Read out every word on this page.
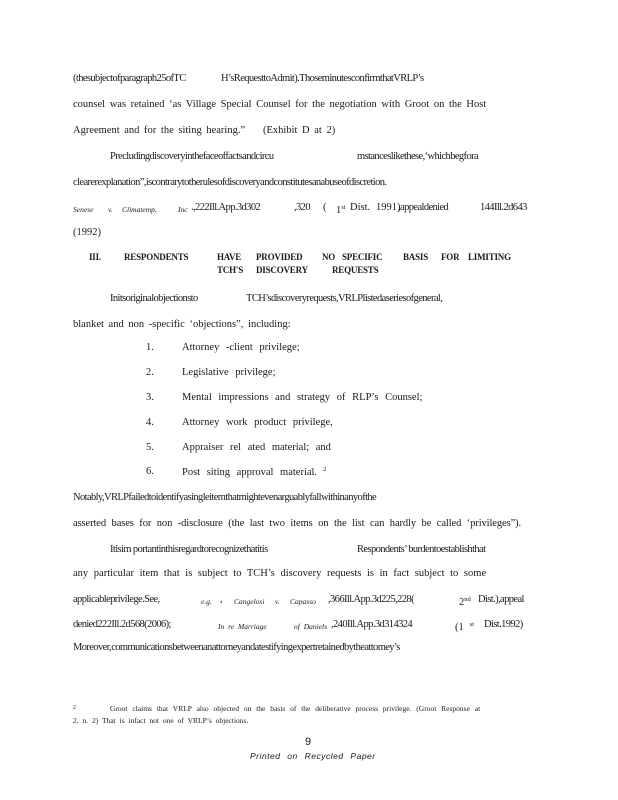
(thesubjectofparagraph25ofTC	H’sRequesttoAdmit).ThoseminutesconfirmthatVRLP’s
counsel was retained ‘as Village Special Counsel for the negotiation with Groot on the Host
Agreement and for the siting hearing.” (Exhibit D at 2)
Precludingdiscoveryinthefaceoffactsandcircu	mstanceslikethese,‘whichbegfora
clearerexplanation”,iscontrarytotherulesofdiscoveryandconstitutesanabuseofdiscretion.
Senese v. Climatemp,	Inc .,222Ill.App.3d302	,320 ( 1st Dist. 1991)
,appealdenied	144Ill.2d643
(1992)
III.	RESPONDENTS	HAVE
TCH'S
PROVIDED
DISCOVERY
NO SPECIFIC
REQUESTS
BASIS FOR LIMITING
Initsoriginalobjectionsto	TCH’sdiscoveryrequests,VRLPlistedaseriesofgeneral,
blanket and non -specific ‘objections”, including:
1.	Attorney -client privilege;
2.	Legislative privilege;
3.	Mental impressions and strategy of RLP’s Counsel;
4.	Attorney work product privilege,
5.	Appraiser rel ated material; and
6.	Post siting approval material. $^2$
Notably,VRLPfailedtoidentifyasingleitemthatmightevenarguablyfallwithinanyofthe
asserted bases for non -disclosure (the last two items on the list can hardly be called ‘privileges”).
Itisim portantinthisregardtorecognizethatitis	Respondents’ burdentoestablishthat
any particular item that is subject to TCH’s discovery requests is in fact subject to some
applicableprivilege.See,	e.g. , Cangelosi v. Capasso ,366Ill.App.3d225,228(	2nd Dist.),appeal
denied222Ill.2d568(2006);	In re Marriage	of Daniels ,240Ill.App.3d314324	(1 $^{st}$ Dist.1992)
Moreover,communicationsbetweenanattorneyandatestifyingexpertretainedbytheattorney’s
2	Groot claims that VRLP also objected on the basis of the deliberative process privilege. (Groot Response at
2, n. 2) That is infact not one of VRLP’s objections.
9
Printed on Recycled Paper
